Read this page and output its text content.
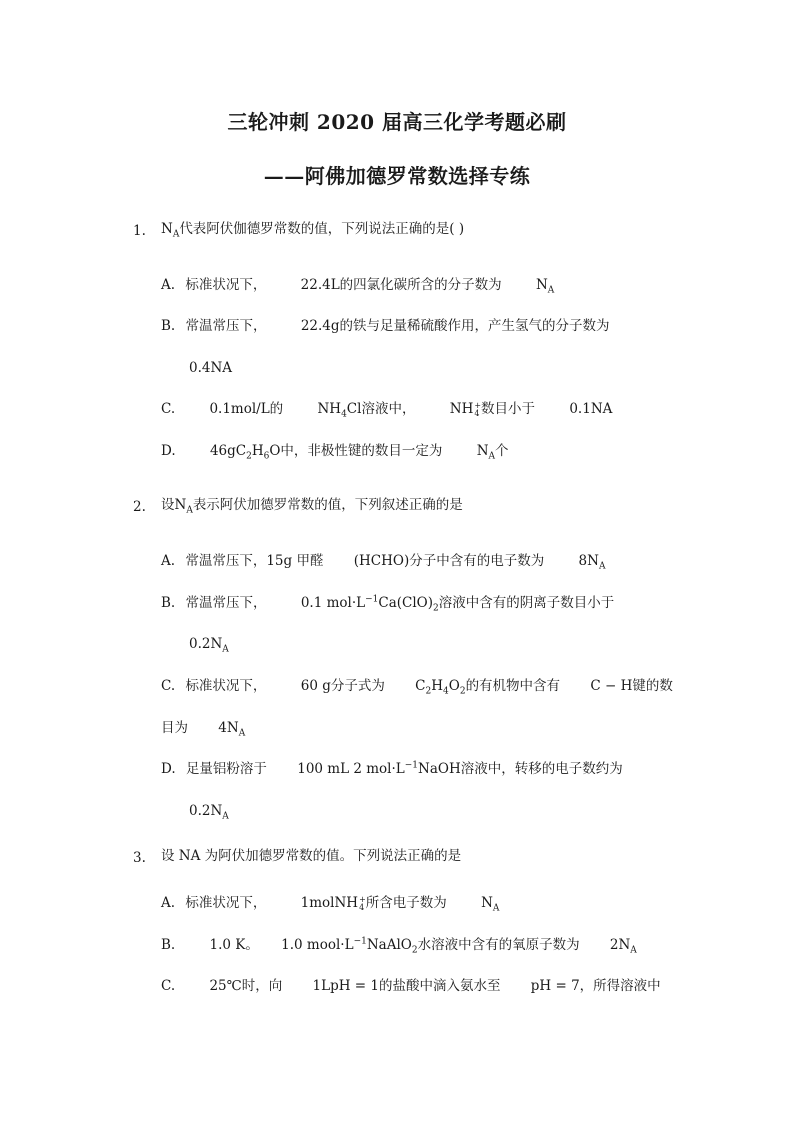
三轮冲刺 2020 届高三化学考题必刷
——阿佛加德罗常数选择专练
1. $N_A$代表阿伏伽德罗常数的值，下列说法正确的是( )
A. 标准状况下，	22.4L的四氯化碳所含的分子数为	$N_A$
B. 常温常压下，	22.4g的铁与足量稀硫酸作用，产生氢气的分子数为
0.4NA
C.	0.1mol/L的	$NH_4Cl$溶液中，	NH +
4 数目小于	0.1NA
D.	$46gC_2H_6O$中，非极性键的数目一定为	$N_A$个
2. 设$N_A$表示阿伏加德罗常数的值，下列叙述正确的是
A. 常温常压下，15g 甲醛 (HCHO)分子中含有的电子数为	$8N_A$
B. 常温常压下，	0.1 $mol\cdot L^{-1}Ca(ClO)_2$溶液中含有的阴离子数目小于
$0.2N_A$
C. 标准状况下，	60 g分子式为 $C_2H_4O_2$的有机物中含有 C − H键的数
目为 $4N_A$
D. 足量铝粉溶于 100 mL 2 $mol\cdot L^{-1}NaOH$溶液中，转移的电子数约为
$0.2N_A$
3. 设 NA 为阿伏加德罗常数的值。下列说法正确的是
A. 标准状况下，	1molNH +
4 所含电子数为	$N_A$
B.	1.0 K。 1.0 $mool\cdot L^{-1}NaAlO_2$水溶液中含有的氧原子数为 $2N_A$
C.	25℃时，向 1LpH = 1的盐酸中滴入氨水至 pH = 7，所得溶液中
